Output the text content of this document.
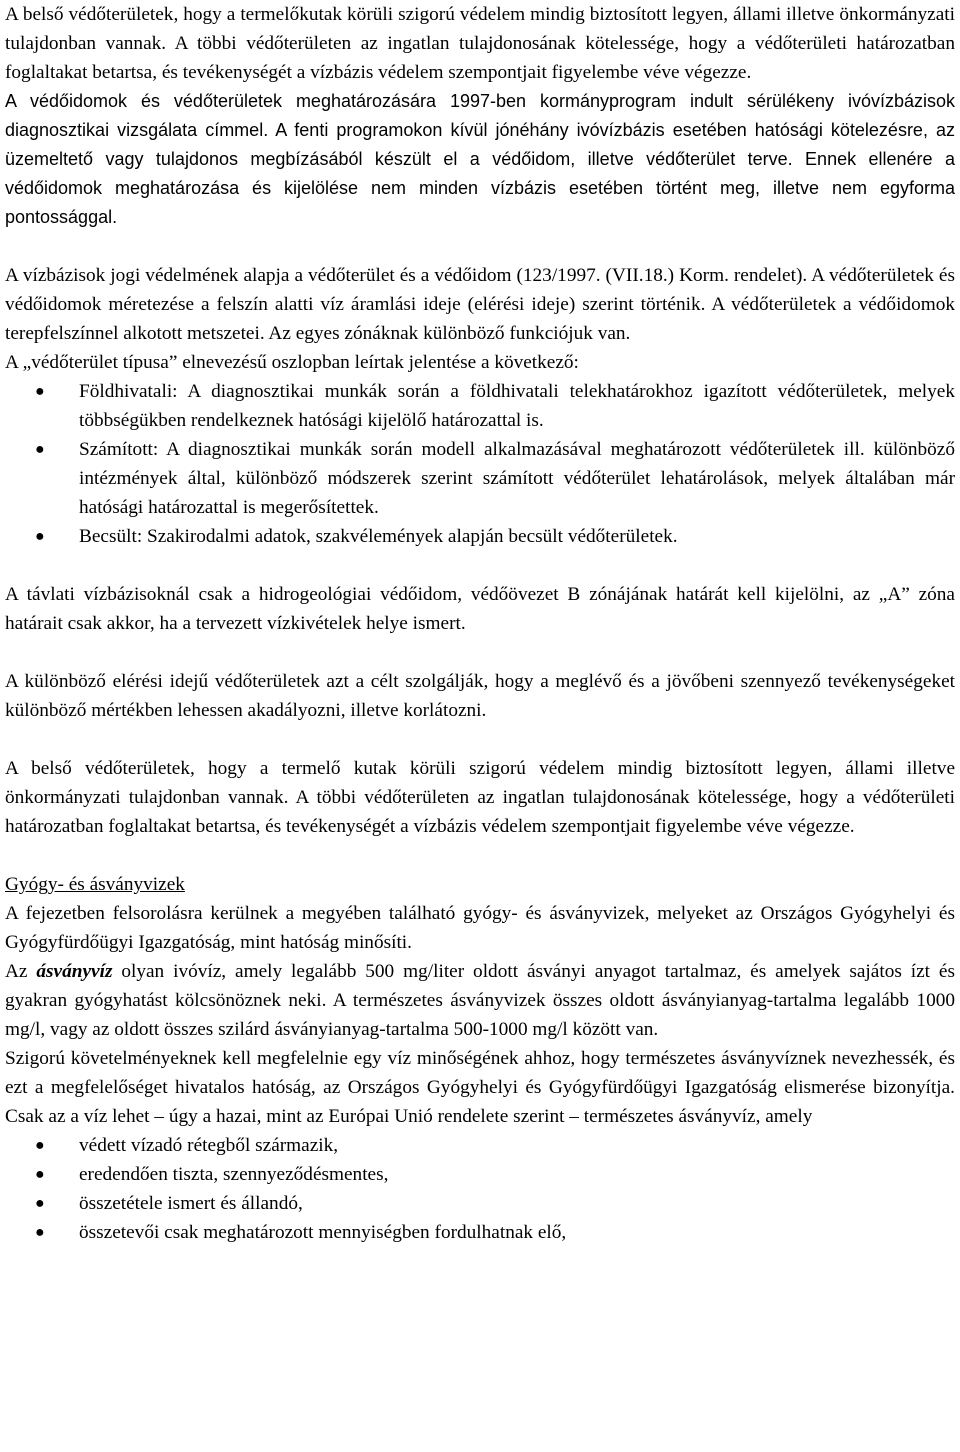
A belső védőterületek, hogy a termelőkutak körüli szigorú védelem mindig biztosított legyen, állami illetve önkormányzati tulajdonban vannak. A többi védőterületen az ingatlan tulajdonosának kötelessége, hogy a védőterületi határozatban foglaltakat betartsa, és tevékenységét a vízbázis védelem szempontjait figyelembe véve végezze.

A védőidomok és védőterületek meghatározására 1997-ben kormányprogram indult sérülékeny ivóvízbázisok diagnosztikai vizsgálata címmel. A fenti programokon kívül jónéhány ivóvízbázis esetében hatósági kötelezésre, az üzemeltető vagy tulajdonos megbízásából készült el a védőidom, illetve védőterület terve. Ennek ellenére a védőidomok meghatározása és kijelölése nem minden vízbázis esetében történt meg, illetve nem egyforma pontossággal.

A vízbázisok jogi védelmének alapja a védőterület és a védőidom (123/1997. (VII.18.) Korm. rendelet). A védőterületek és védőidomok méretezése a felszín alatti víz áramlási ideje (elérési ideje) szerint történik. A védőterületek a védőidomok terepfelszínnel alkotott metszetei. Az egyes zónáknak különböző funkciójuk van.

A „védőterület típusa” elnevezésű oszlopban leírtak jelentése a következő:

● Földhivatali: A diagnosztikai munkák során a földhivatali telekhatárokhoz igazított védőterületek, melyek többségükben rendelkeznek hatósági kijelölő határozattal is.
● Számított: A diagnosztikai munkák során modell alkalmazásával meghatározott védőterületek ill. különböző intézmények által, különböző módszerek szerint számított védőterület lehatárolások, melyek általában már hatósági határozattal is megerősítettek.
● Becsült: Szakirodalmi adatok, szakvélemények alapján becsült védőterületek.

A távlati vízbázisoknál csak a hidrogeológiai védőidom, védőövezet B zónájának határát kell kijelölni, az „A” zóna határait csak akkor, ha a tervezett vízkivételek helye ismert.

A különböző elérési idejű védőterületek azt a célt szolgálják, hogy a meglévő és a jövőbeni szennyező tevékenységeket különböző mértékben lehessen akadályozni, illetve korlátozni.

A belső védőterületek, hogy a termelő kutak körüli szigorú védelem mindig biztosított legyen, állami illetve önkormányzati tulajdonban vannak. A többi védőterületen az ingatlan tulajdonosának kötelessége, hogy a védőterületi határozatban foglaltakat betartsa, és tevékenységét a vízbázis védelem szempontjait figyelembe véve végezze.

Gyógy- és ásványvizek

A fejezetben felsorolásra kerülnek a megyében található gyógy- és ásványvizek, melyeket az Országos Gyógyhelyi és Gyógyfürdőügyi Igazgatóság, mint hatóság minősíti.

Az ásványvíz olyan ivóvíz, amely legalább 500 mg/liter oldott ásványi anyagot tartalmaz, és amelyek sajátos ízt és gyakran gyógyhatást kölcsönöznek neki. A természetes ásványvizek összes oldott ásványianyag-tartalma legalább 1000 mg/l, vagy az oldott összes szilárd ásványianyag-tartalma 500-1000 mg/l között van.

Szigorú követelményeknek kell megfelelnie egy víz minőségének ahhoz, hogy természetes ásványvíznek nevezhessék, és ezt a megfelelőséget hivatalos hatóság, az Országos Gyógyhelyi és Gyógyfürdőügyi Igazgatóság elismerése bizonyítja. Csak az a víz lehet – úgy a hazai, mint az Európai Unió rendelete szerint – természetes ásványvíz, amely

● védett vízadó rétegből származik,
● eredendően tiszta, szennyeződésmentes,
● összetétele ismert és állandó,
● összetevői csak meghatározott mennyiségben fordulhatnak elő,
